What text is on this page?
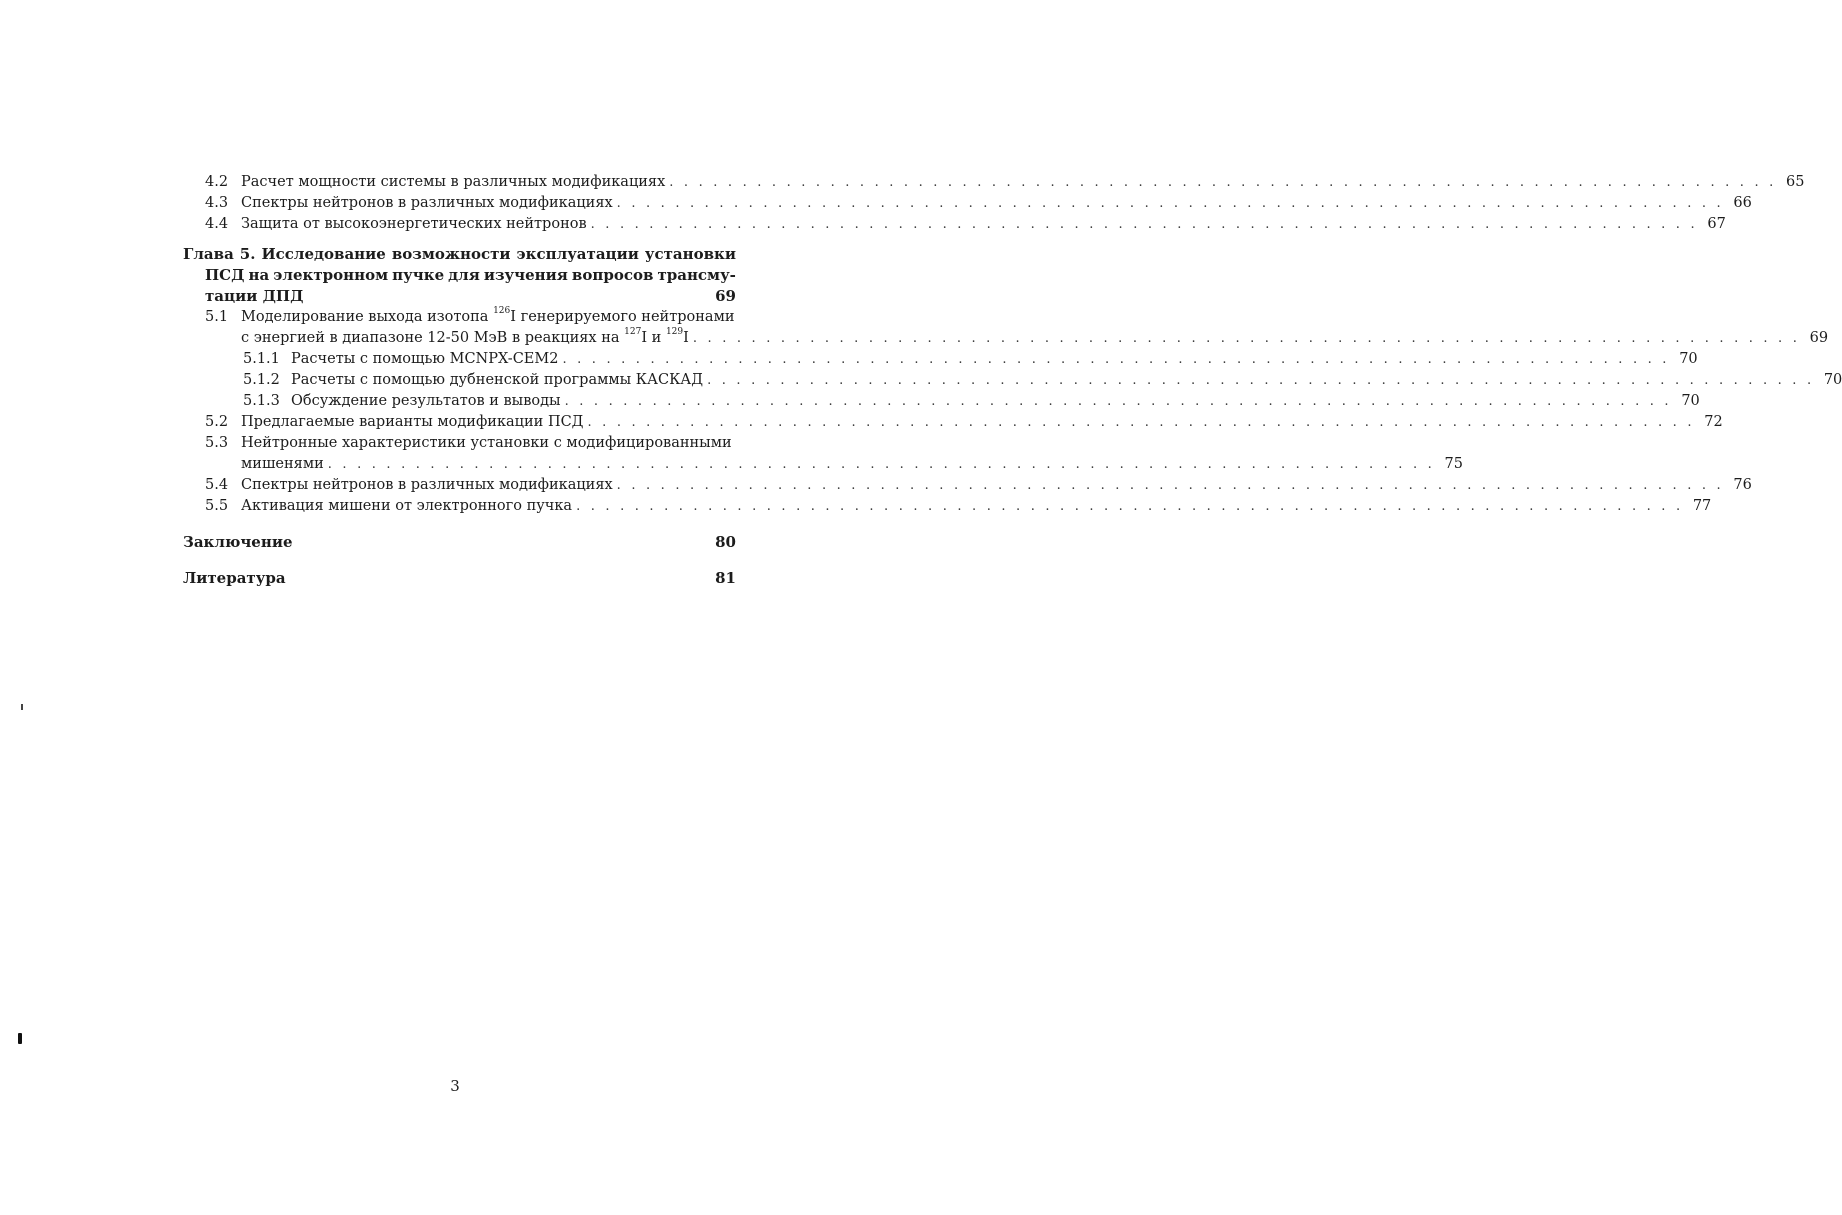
4.2 Расчет мощности системы в различных модификациях . . .	65
4.3 Спектры нейтронов в различных модификациях . . .	66
4.4 Защита от высокоэнергетических нейтронов . . .	67
Глава 5. Исследование возможности эксплуатации установки
ПСД на электронном пучке для изучения вопросов трансму-
тации ДПД	69
5.1 Моделирование выхода изотопа $^{126}$I генерируемого нейтронами
с энергией в диапазоне 12-50 МэВ в реакциях на $^{127}$I и $^{129}$I . . .	69
5.1.1 Расчеты с помощью MCNPX-CEM2 . . .	70
5.1.2 Расчеты с помощью дубненской программы КАСКАД . . .	70
5.1.3 Обсуждение результатов и выводы . . .	70
5.2 Предлагаемые варианты модификации ПСД . . .	72
5.3 Нейтронные характеристики установки с модифицированными
мишенями . . .	75
5.4 Спектры нейтронов в различных модификациях . . .	76
5.5 Активация мишени от электронного пучка . . .	77
Заключение	80
Литература	81
3
